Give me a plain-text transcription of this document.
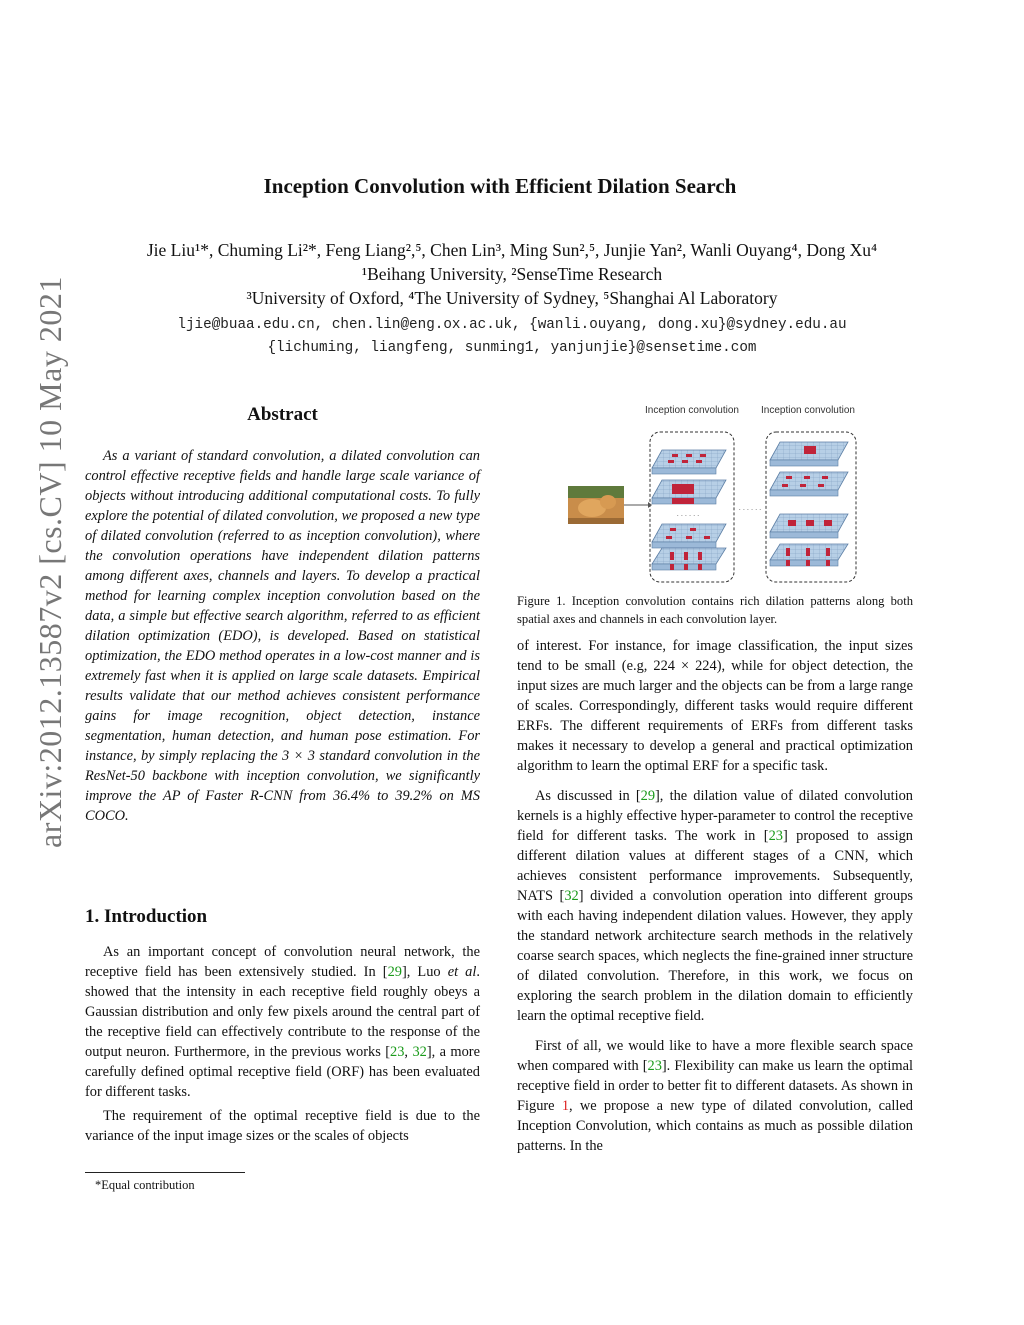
arXiv:2012.13587v2 [cs.CV] 10 May 2021
Inception Convolution with Efficient Dilation Search
Jie Liu¹*, Chuming Li²*, Feng Liang²,⁵, Chen Lin³, Ming Sun²,⁵, Junjie Yan², Wanli Ouyang⁴, Dong Xu⁴
¹Beihang University, ²SenseTime Research
³University of Oxford, ⁴The University of Sydney, ⁵Shanghai Al Laboratory
ljie@buaa.edu.cn, chen.lin@eng.ox.ac.uk, {wanli.ouyang, dong.xu}@sydney.edu.au
{lichuming, liangfeng, sunming1, yanjunjie}@sensetime.com
Abstract
As a variant of standard convolution, a dilated convolution can control effective receptive fields and handle large scale variance of objects without introducing additional computational costs. To fully explore the potential of dilated convolution, we proposed a new type of dilated convolution (referred to as inception convolution), where the convolution operations have independent dilation patterns among different axes, channels and layers. To develop a practical method for learning complex inception convolution based on the data, a simple but effective search algorithm, referred to as efficient dilation optimization (EDO), is developed. Based on statistical optimization, the EDO method operates in a low-cost manner and is extremely fast when it is applied on large scale datasets. Empirical results validate that our method achieves consistent performance gains for image recognition, object detection, instance segmentation, human detection, and human pose estimation. For instance, by simply replacing the 3 × 3 standard convolution in the ResNet-50 backbone with inception convolution, we significantly improve the AP of Faster R-CNN from 36.4% to 39.2% on MS COCO.
1. Introduction

As an important concept of convolution neural network, the receptive field has been extensively studied. In [29], Luo et al. showed that the intensity in each receptive field roughly obeys a Gaussian distribution and only few pixels around the central part of the receptive field can effectively contribute to the response of the output neuron. Furthermore, in the previous works [23, 32], a more carefully defined optimal receptive field (ORF) has been evaluated for different tasks.

The requirement of the optimal receptive field is due to the variance of the input image sizes or the scales of objects

*Equal contribution
Inception convolution Inception convolution
· · · · · ·
· · · · · ·
Figure 1. Inception convolution contains rich dilation patterns along both spatial axes and channels in each convolution layer.

of interest. For instance, for image classification, the input sizes tend to be small (e.g, 224 × 224), while for object detection, the input sizes are much larger and the objects can be from a large range of scales. Correspondingly, different tasks would require different ERFs. The different requirements of ERFs from different tasks makes it necessary to develop a general and practical optimization algorithm to learn the optimal ERF for a specific task.

As discussed in [29], the dilation value of dilated convolution kernels is a highly effective hyper-parameter to control the receptive field for different tasks. The work in [23] proposed to assign different dilation values at different stages of a CNN, which achieves consistent performance improvements. Subsequently, NATS [32] divided a convolution operation into different groups with each having independent dilation values. However, they apply the standard network architecture search methods in the relatively coarse search spaces, which neglects the fine-grained inner structure of dilated convolution. Therefore, in this work, we focus on exploring the search problem in the dilation domain to efficiently learn the optimal receptive field.

First of all, we would like to have a more flexible search space when compared with [23]. Flexibility can make us learn the optimal receptive field in order to better fit to different datasets. As shown in Figure 1, we propose a new type of dilated convolution, called Inception Convolution, which contains as much as possible dilation patterns. In the
